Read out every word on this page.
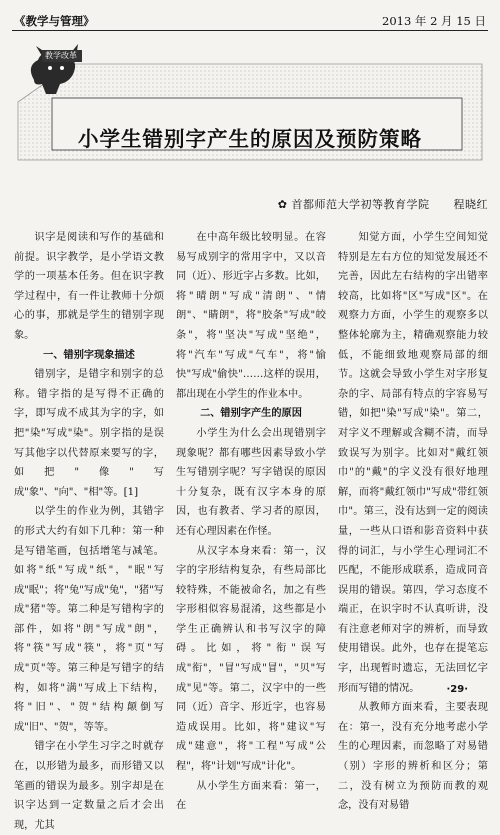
《教学与管理》	2013 年 2 月 15 日
教学改革
小学生错别字产生的原因及预防策略
✿ 首都师范大学初等教育学院 程晓红

识字是阅读和写作的基础和前提。识字教学，是小学语文教学的一项基本任务。但在识字教学过程中，有一件让教师十分烦心的事，那就是学生的错别字现象。

一、错别字现象描述

错别字，是错字和别字的总称。错字指的是写得不正确的字，即写成不成其为字的字，如把"染"写成"染"。别字指的是误写其他字以代替原来要写的字，如把"像"写成"象"、"向"、"相"等。[1]

以学生的作业为例，其错字的形式大约有如下几种：第一种是写错笔画，包括增笔与减笔。如将"纸"写成"纸"，"眠"写成"眠"；将"兔"写成"兔"，"猪"写成"猪"等。第二种是写错构字的部件，如将"朗"写成"朗"，将"筷"写成"筷"，将"页"写成"页"等。第三种是写错字的结构，如将"满"写成上下结构，将"旧"、"贺"结构颠倒写成"旧"、"贺"，等等。

错字在小学生习字之时就存在，以形错为最多，而形错又以笔画的错误为最多。别字却是在识字达到一定数量之后才会出现，尤其

在中高年级比较明显。在容易写成别字的常用字中，又以音同（近）、形近字占多数。比如，将"晴朗"写成"清朗"、"情朗"、"睛朗"，将"胶条"写成"皎条"，将"坚决"写成"坚绝"，将"汽车"写成"气车"，将"愉快"写成"偷快"……这样的误用，都出现在小学生的作业本中。

二、错别字产生的原因

小学生为什么会出现错别字现象呢？都有哪些因素导致小学生写错别字呢？写字错误的原因十分复杂，既有汉字本身的原因，也有教者、学习者的原因，还有心理因素在作怪。

从汉字本身来看：第一，汉字的字形结构复杂，有些局部比较特殊，不能被命名，加之有些字形相似容易混淆，这些都是小学生正确辨认和书写汉字的障碍。比如，将"衔"误写成"衔"，"冒"写成"冒"，"贝"写成"见"等。第二，汉字中的一些同（近）音字、形近字，也容易造成误用。比如，将"建议"写成"建意"，将"工程"写成"公程"，将"计划"写成"计化"。

从小学生方面来看：第一，在

知觉方面，小学生空间知觉特别是左右方位的知觉发展还不完善，因此左右结构的字出错率较高，比如将"区"写成"区"。在观察力方面，小学生的观察多以整体轮廓为主，精确观察能力较低，不能细致地观察局部的细节。这就会导致小学生对字形复杂的字、局部有特点的字容易写错，如把"染"写成"染"。第二，对字义不理解或含糊不清，而导致误写为别字。比如对"戴红领巾"的"戴"的字义没有很好地理解，而将"戴红领巾"写成"带红领巾"。第三，没有达到一定的阅读量，一些从口语和影音资料中获得的词汇，与小学生心理词汇不匹配，不能形成联系，造成同音误用的错误。第四，学习态度不端正，在识字时不认真听讲，没有注意老师对字的辨析，而导致使用错误。此外，也存在提笔忘字，出现暂时遗忘，无法回忆字形而写错的情况。

从教师方面来看，主要表现在：第一，没有充分地考虑小学生的心理因素，而忽略了对易错（别）字形的辨析和区分；第二，没有树立为预防而教的观念，没有对易错

·29·
